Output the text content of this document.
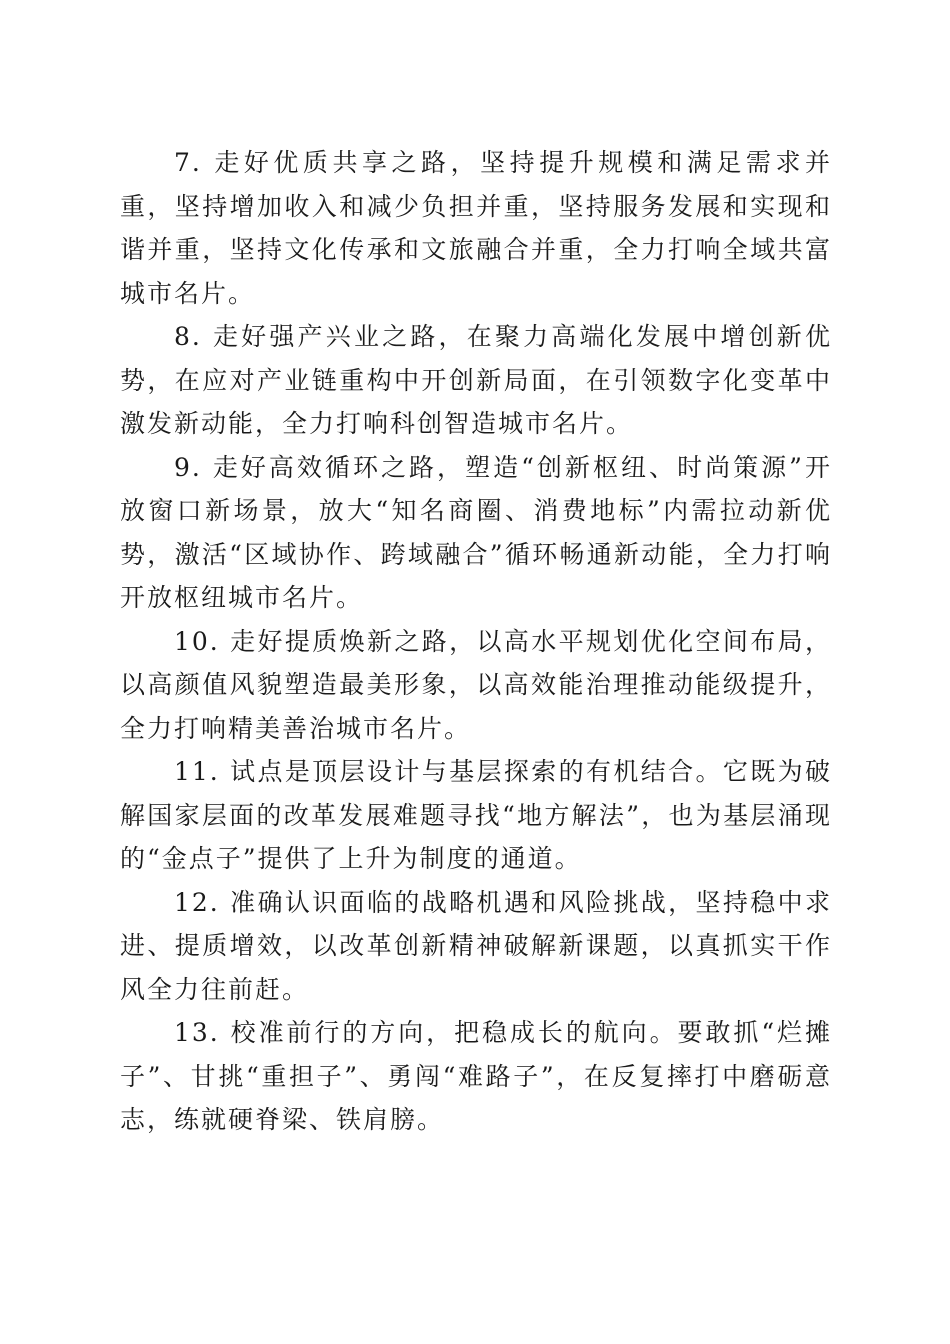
7. 走好优质共享之路，坚持提升规模和满足需求并重，坚持增加收入和减少负担并重，坚持服务发展和实现和谐并重，坚持文化传承和文旅融合并重，全力打响全域共富城市名片。

8. 走好强产兴业之路，在聚力高端化发展中增创新优势，在应对产业链重构中开创新局面，在引领数字化变革中激发新动能，全力打响科创智造城市名片。

9. 走好高效循环之路，塑造“创新枢纽、时尚策源”开放窗口新场景，放大“知名商圈、消费地标”内需拉动新优势，激活“区域协作、跨域融合”循环畅通新动能，全力打响开放枢纽城市名片。

10. 走好提质焕新之路，以高水平规划优化空间布局，以高颜值风貌塑造最美形象，以高效能治理推动能级提升，全力打响精美善治城市名片。

11. 试点是顶层设计与基层探索的有机结合。它既为破解国家层面的改革发展难题寻找“地方解法”，也为基层涌现的“金点子”提供了上升为制度的通道。

12. 准确认识面临的战略机遇和风险挑战，坚持稳中求进、提质增效，以改革创新精神破解新课题，以真抓实干作风全力往前赶。

13. 校准前行的方向，把稳成长的航向。要敢抓“烂摊子”、甘挑“重担子”、勇闯“难路子”，在反复摔打中磨砺意志，练就硬脊梁、铁肩膀。
